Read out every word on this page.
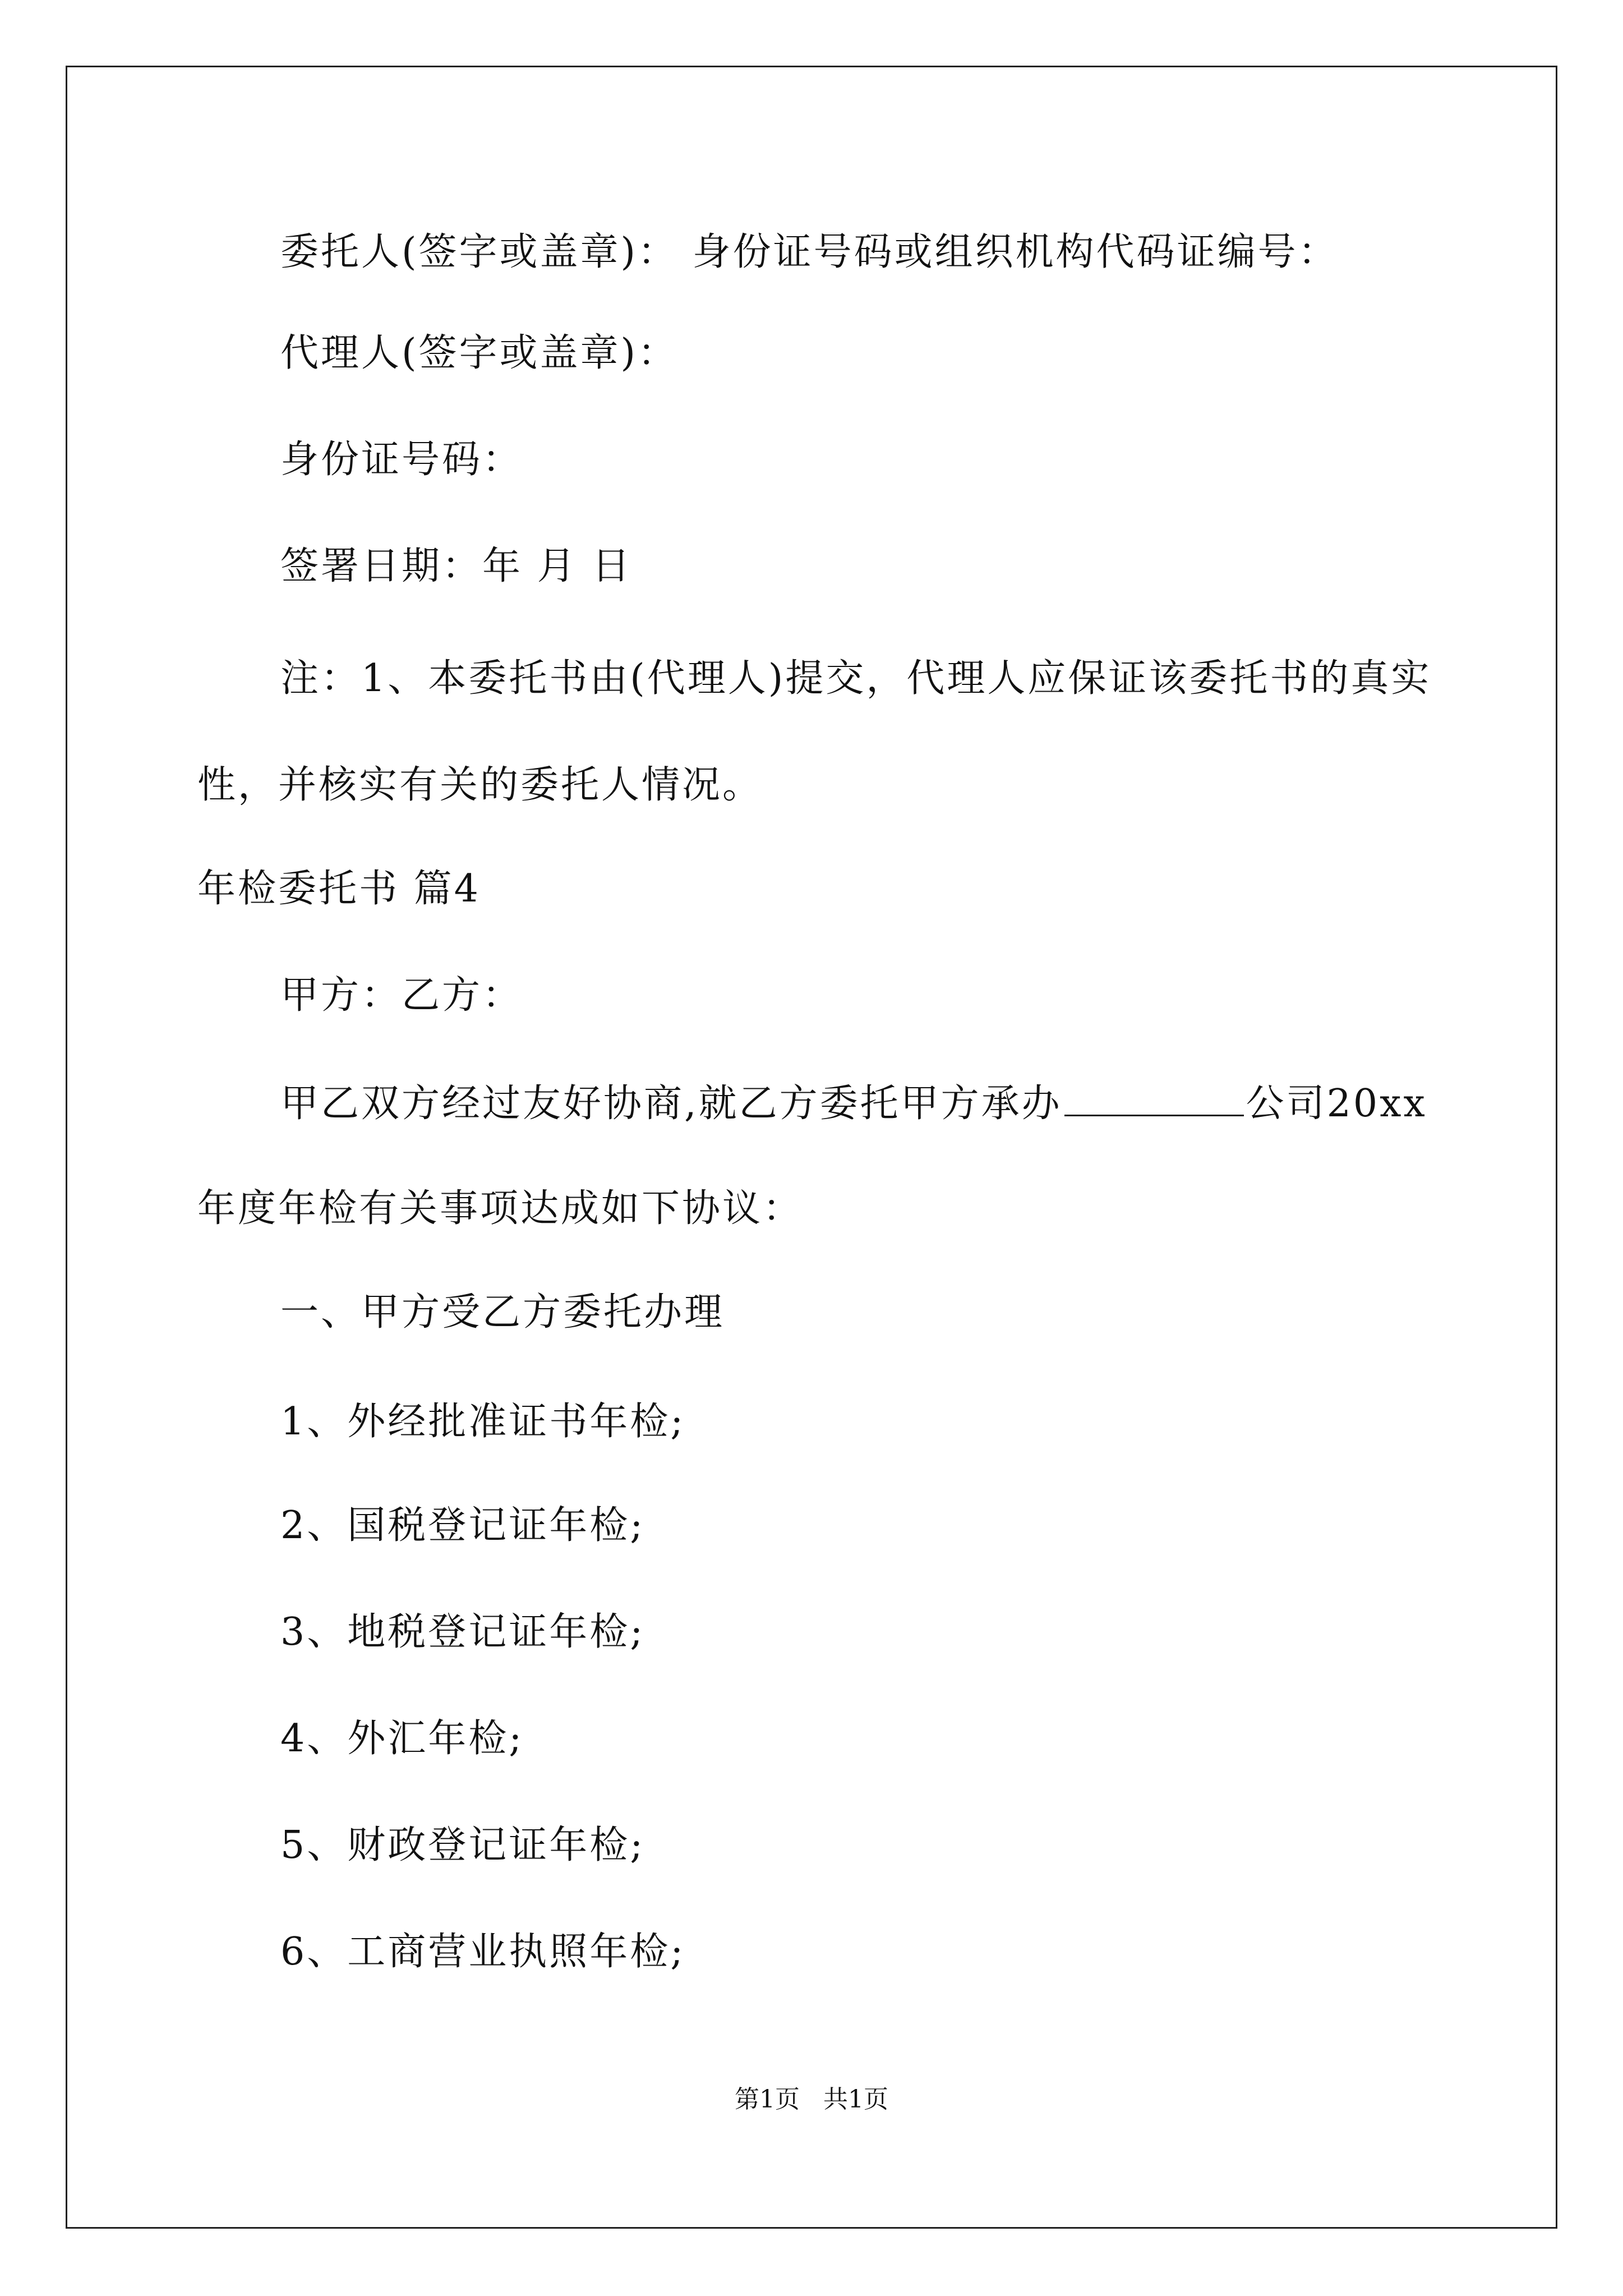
委托人(签字或盖章)： 身份证号码或组织机构代码证编号：
代理人(签字或盖章)：
身份证号码：
签署日期：年 月 日
注：1、本委托书由(代理人)提交，代理人应保证该委托书的真实
性，并核实有关的委托人情况。
年检委托书 篇4
甲方：乙方：
甲乙双方经过友好协商,就乙方委托甲方承办	公司20xx
年度年检有关事项达成如下协议：
一、甲方受乙方委托办理
1、外经批准证书年检;
2、国税登记证年检;
3、地税登记证年检;
4、外汇年检;
5、财政登记证年检;
6、工商营业执照年检;
第1页   共1页
